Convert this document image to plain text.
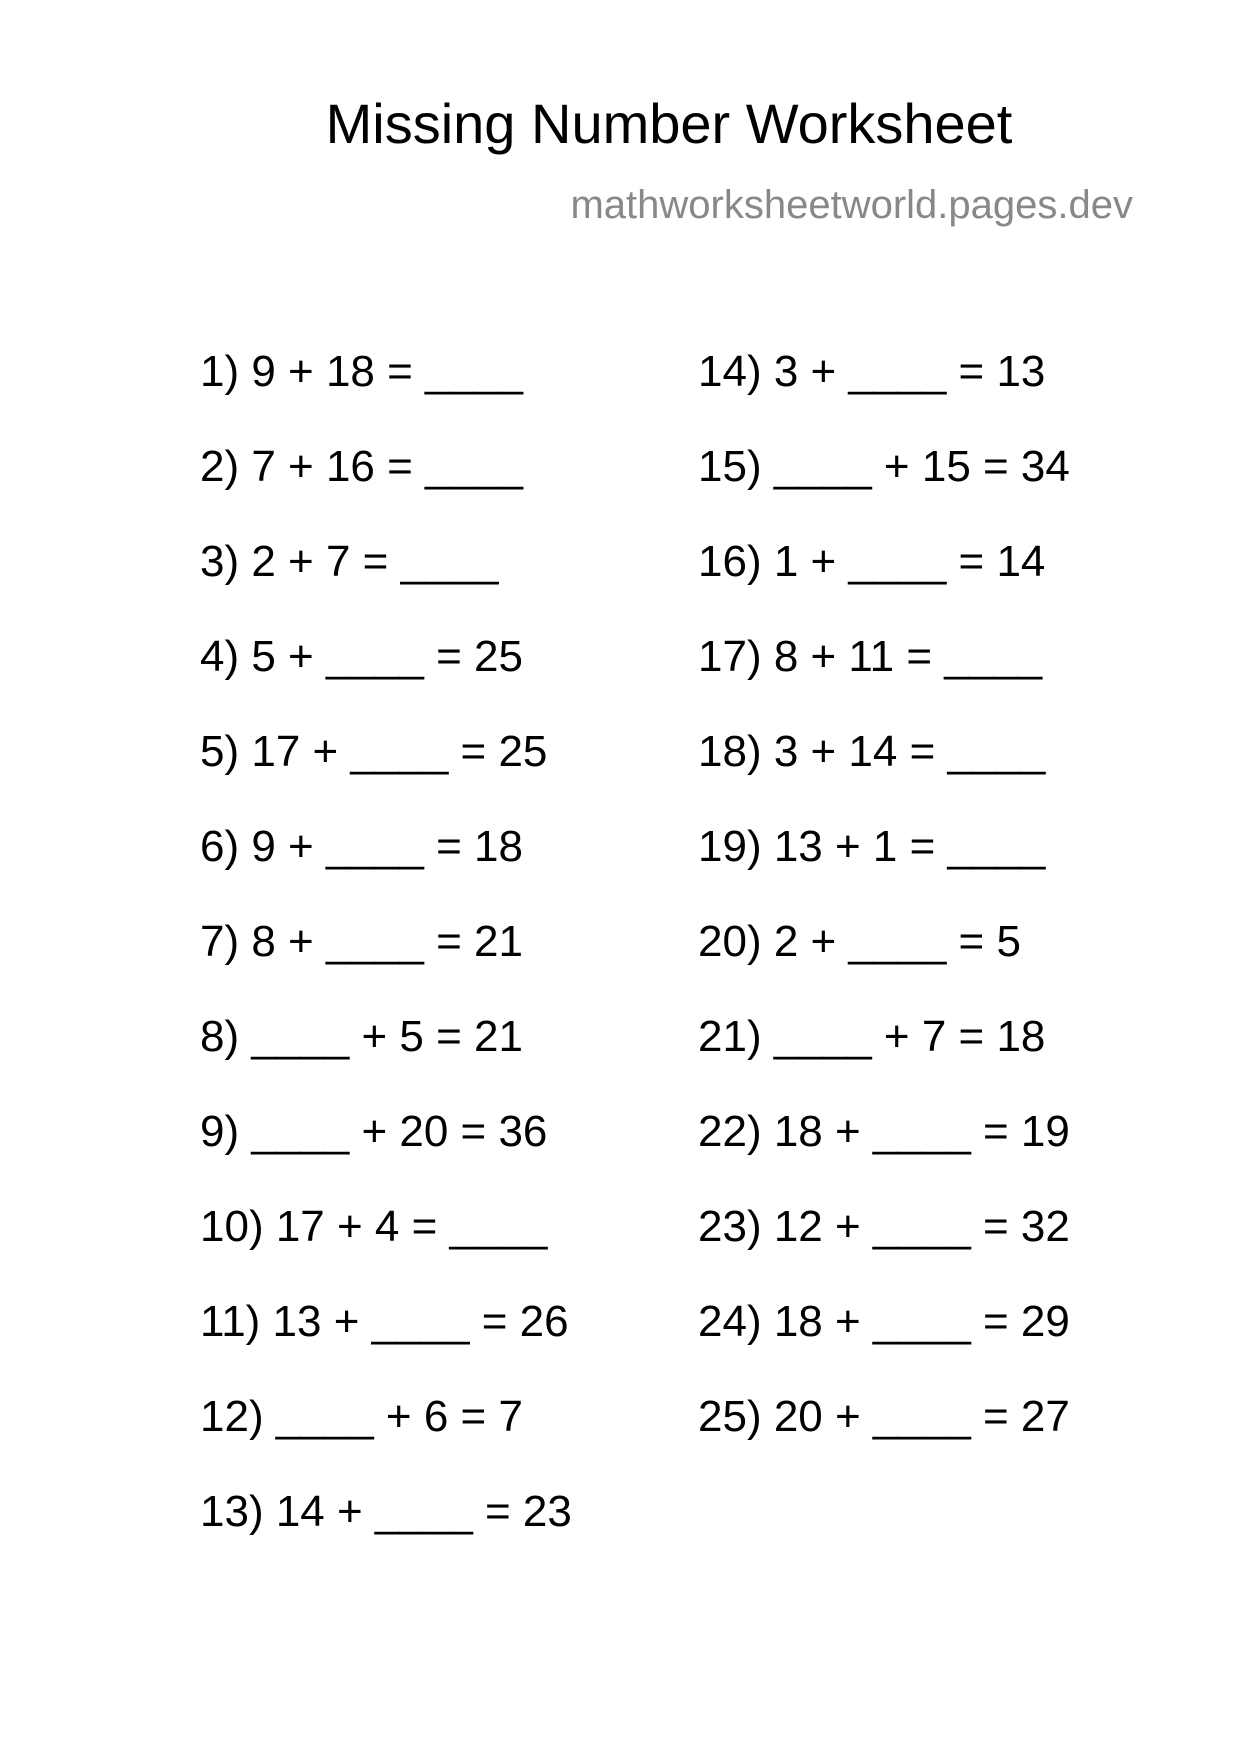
Missing Number Worksheet
mathworksheetworld.pages.dev
1) 9 + 18 = ____
2) 7 + 16 = ____
3) 2 + 7 = ____
4) 5 + ____ = 25
5) 17 + ____ = 25
6) 9 + ____ = 18
7) 8 + ____ = 21
8) ____ + 5 = 21
9) ____ + 20 = 36
10) 17 + 4 = ____
11) 13 + ____ = 26
12) ____ + 6 = 7
13) 14 + ____ = 23
14) 3 + ____ = 13
15) ____ + 15 = 34
16) 1 + ____ = 14
17) 8 + 11 = ____
18) 3 + 14 = ____
19) 13 + 1 = ____
20) 2 + ____ = 5
21) ____ + 7 = 18
22) 18 + ____ = 19
23) 12 + ____ = 32
24) 18 + ____ = 29
25) 20 + ____ = 27
